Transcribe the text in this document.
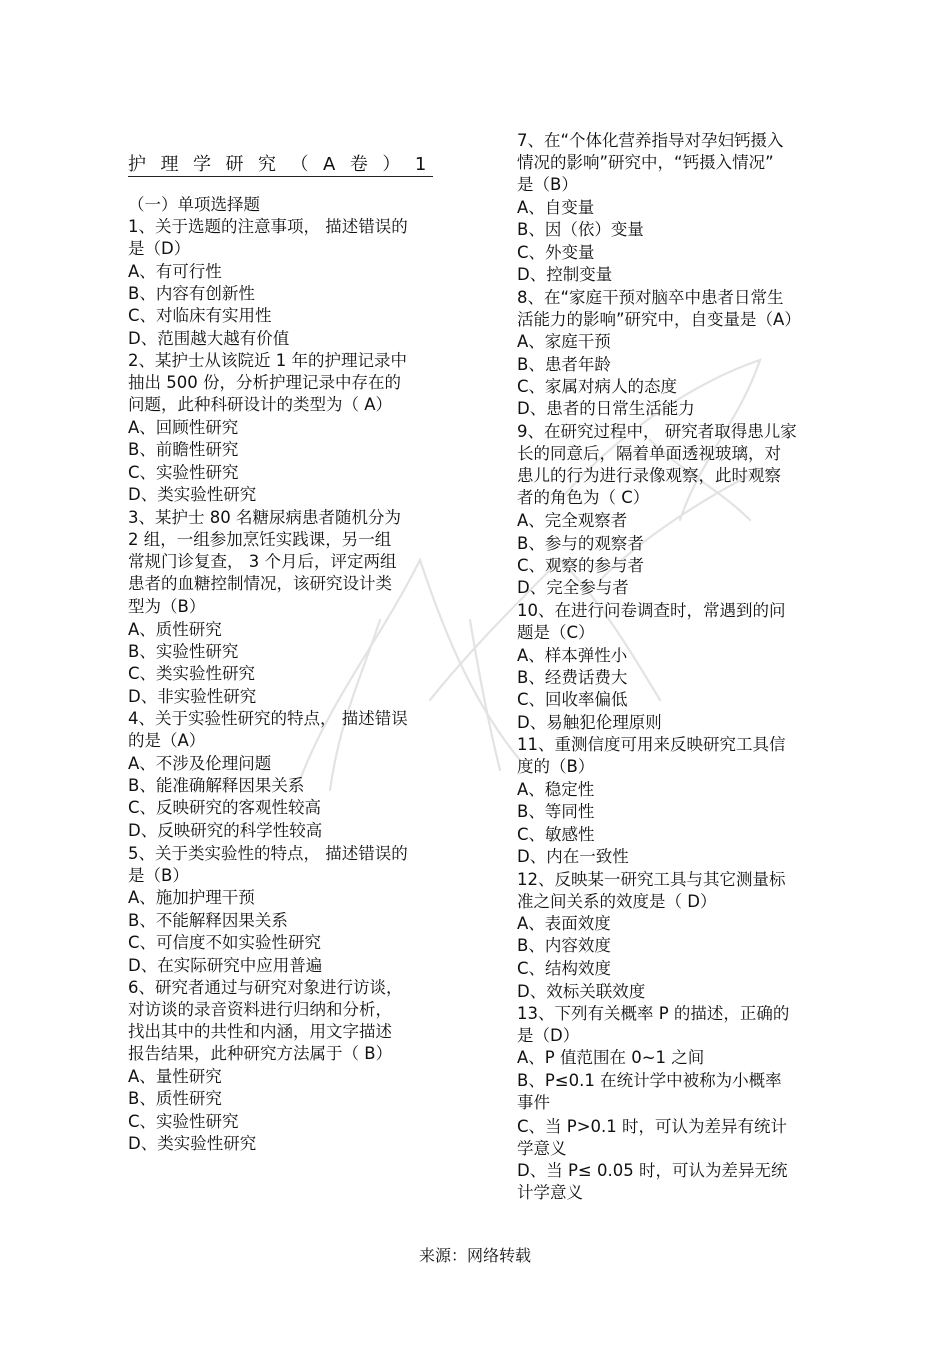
护理学研究（A卷）1
（一）单项选择题
1、关于选题的注意事项， 描述错误的
是（D）
A、有可行性
B、内容有创新性
C、对临床有实用性
D、范围越大越有价值
2、某护士从该院近 1 年的护理记录中
抽出 500 份，分析护理记录中存在的
问题，此种科研设计的类型为（ A）
A、回顾性研究
B、前瞻性研究
C、实验性研究
D、类实验性研究
3、某护士 80 名糖尿病患者随机分为
2 组，一组参加烹饪实践课，另一组
常规门诊复查， 3 个月后，评定两组
患者的血糖控制情况，该研究设计类
型为（B）
A、质性研究
B、实验性研究
C、类实验性研究
D、非实验性研究
4、关于实验性研究的特点， 描述错误
的是（A）
A、不涉及伦理问题
B、能准确解释因果关系
C、反映研究的客观性较高
D、反映研究的科学性较高
5、关于类实验性的特点， 描述错误的
是（B）
A、施加护理干预
B、不能解释因果关系
C、可信度不如实验性研究
D、在实际研究中应用普遍
6、研究者通过与研究对象进行访谈，
对访谈的录音资料进行归纳和分析，
找出其中的共性和内涵，用文字描述
报告结果，此种研究方法属于（ B）
A、量性研究
B、质性研究
C、实验性研究
D、类实验性研究
7、在“个体化营养指导对孕妇钙摄入
情况的影响”研究中，“钙摄入情况”
是（B）
A、自变量
B、因（依）变量
C、外变量
D、控制变量
8、在“家庭干预对脑卒中患者日常生
活能力的影响”研究中，自变量是（A）
A、家庭干预
B、患者年龄
C、家属对病人的态度
D、患者的日常生活能力
9、在研究过程中， 研究者取得患儿家
长的同意后，隔着单面透视玻璃，对
患儿的行为进行录像观察，此时观察
者的角色为（ C）
A、完全观察者
B、参与的观察者
C、观察的参与者
D、完全参与者
10、在进行问卷调查时，常遇到的问
题是（C）
A、样本弹性小
B、经费话费大
C、回收率偏低
D、易触犯伦理原则
11、重测信度可用来反映研究工具信
度的（B）
A、稳定性
B、等同性
C、敏感性
D、内在一致性
12、反映某一研究工具与其它测量标
准之间关系的效度是（ D）
A、表面效度
B、内容效度
C、结构效度
D、效标关联效度
13、下列有关概率 P 的描述，正确的
是（D）
A、P 值范围在 0~1 之间
B、P≤0.1 在统计学中被称为小概率
事件
C、当 P>0.1 时，可认为差异有统计
学意义
D、当 P≤ 0.05 时，可认为差异无统
计学意义
来源：网络转载
